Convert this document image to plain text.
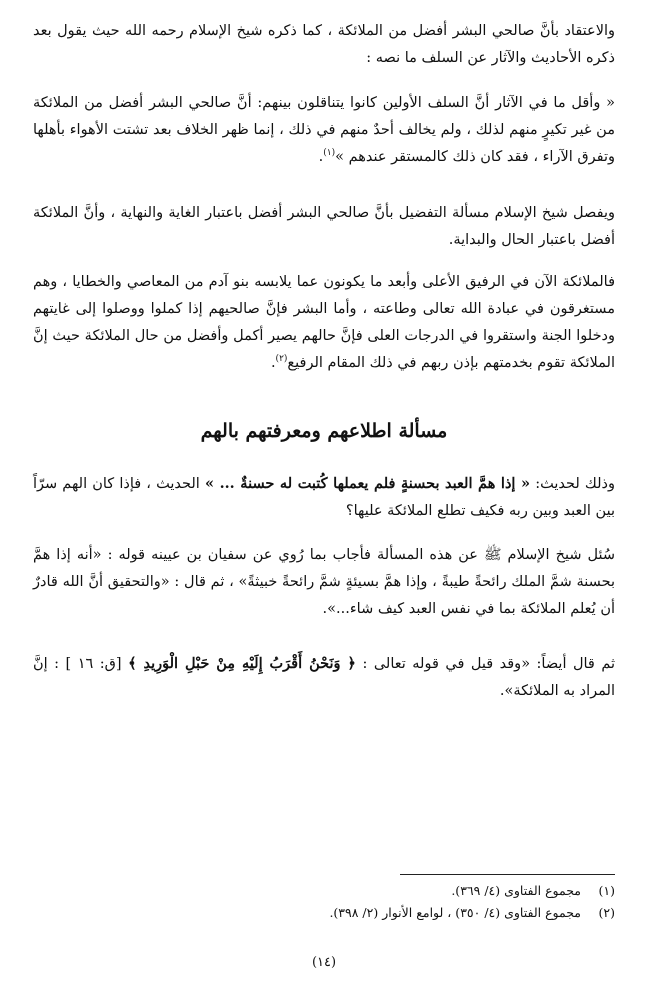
والاعتقاد بأنَّ صالحي البشر أفضل من الملائكة ، كما ذكره شيخ الإسلام رحمه الله حيث يقول بعد ذكره الأحاديث والآثار عن السلف ما نصه :

« وأقل ما في الآثار أنَّ السلف الأولين كانوا يتناقلون بينهم: أنَّ صالحي البشر أفضل من الملائكة من غير تكيرٍ منهم لذلك ، ولم يخالف أحدٌ منهم في ذلك ، إنما ظهر الخلاف بعد تشتت الأهواء بأهلها وتفرق الآراء ، فقد كان ذلك كالمستقر عندهم »$^{(١)}$.

ويفصل شيخ الإسلام مسألة التفضيل بأنَّ صالحي البشر أفضل باعتبار الغاية والنهاية ، وأنَّ الملائكة أفضل باعتبار الحال والبداية.

فالملائكة الآن في الرفيق الأعلى وأبعد ما يكونون عما يلابسه بنو آدم من المعاصي والخطايا ، وهم مستغرقون في عبادة الله تعالى وطاعته ، وأما البشر فإنَّ صالحيهم إذا كملوا ووصلوا إلى غايتهم ودخلوا الجنة واستقروا في الدرجات العلى فإنَّ حالهم يصير أكمل وأفضل من حال الملائكة حيث إنَّ الملائكة تقوم بخدمتهم بإذن ربهم في ذلك المقام الرفيع$^{(٢)}$.

مسألة اطلاعهم ومعرفتهم بالهم

وذلك لحديث: « إذا همَّ العبد بحسنةٍ فلم يعملها كُتبت له حسنةٌ ... » الحديث ، فإذا كان الهم سرّاً بين العبد وبين ربه فكيف تطلع الملائكة عليها؟

سُئل شيخ الإسلام ﷺ عن هذه المسألة فأجاب بما رُوي عن سفيان بن عيينه قوله : «أنه إذا همَّ بحسنة شمَّ الملك رائحةً طيبةً ، وإذا همَّ بسيئةٍ شمَّ رائحةً خبيثةً» ، ثم قال : «والتحقيق أنَّ الله قادرٌ أن يُعلم الملائكة بما في نفس العبد كيف شاء...».

ثم قال أيضاً: «وقد قيل في قوله تعالى : ﴿ وَنَحْنُ أَقْرَبُ إِلَيْهِ مِنْ حَبْلِ الْوَرِيدِ ﴾ [ق: ١٦ ] : إنَّ المراد به الملائكة».

(١)مجموع الفتاوى (٤/ ٣٦٩).
(٢)مجموع الفتاوى (٤/ ٣٥٠) ، لوامع الأنوار (٢/ ٣٩٨).
(١٤)
